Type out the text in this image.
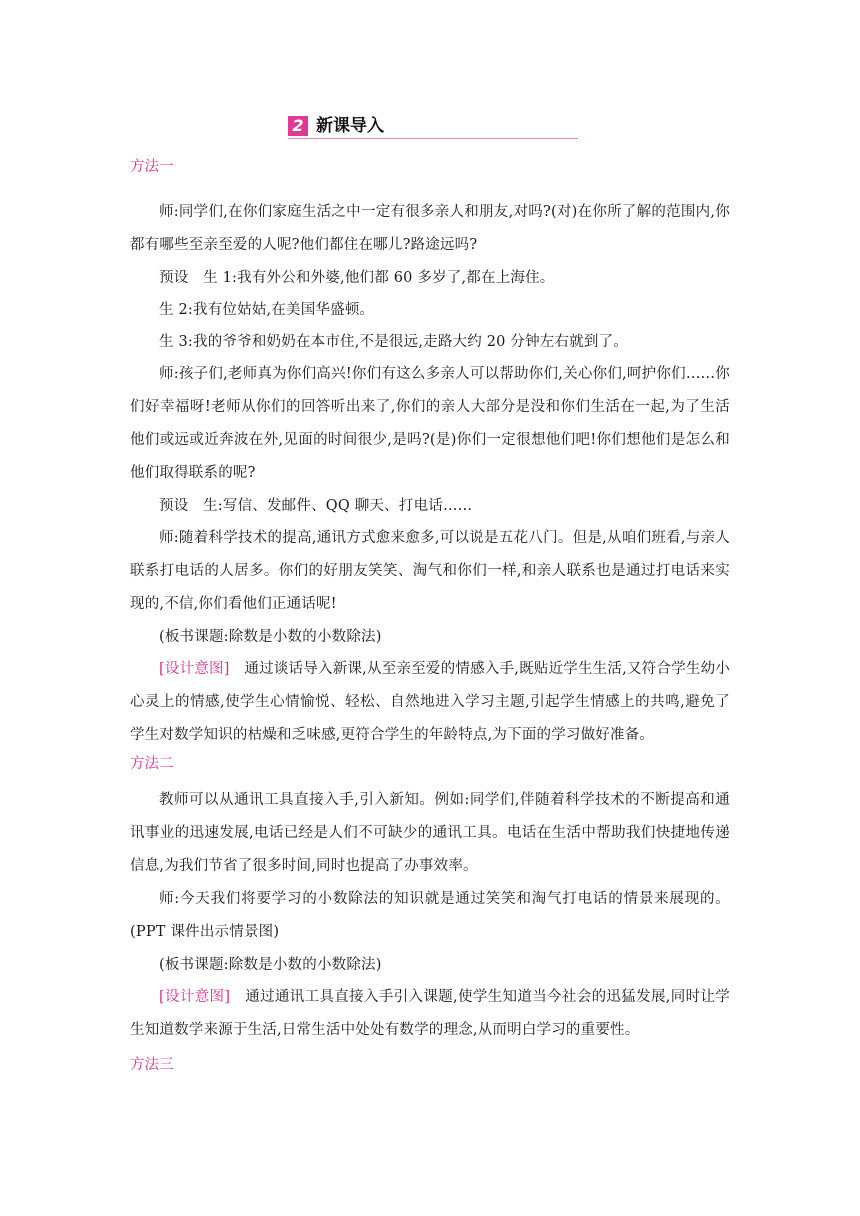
2 新课导入

方法一

师:同学们,在你们家庭生活之中一定有很多亲人和朋友,对吗?(对)在你所了解的范围内,你都有哪些至亲至爱的人呢?他们都住在哪儿?路途远吗?

预设　生 1:我有外公和外婆,他们都 60 多岁了,都在上海住。

生 2:我有位姑姑,在美国华盛顿。

生 3:我的爷爷和奶奶在本市住,不是很远,走路大约 20 分钟左右就到了。

师:孩子们,老师真为你们高兴!你们有这么多亲人可以帮助你们,关心你们,呵护你们……你们好幸福呀!老师从你们的回答听出来了,你们的亲人大部分是没和你们生活在一起,为了生活他们或远或近奔波在外,见面的时间很少,是吗?(是)你们一定很想他们吧!你们想他们是怎么和他们取得联系的呢?

预设　生:写信、发邮件、QQ 聊天、打电话……

师:随着科学技术的提高,通讯方式愈来愈多,可以说是五花八门。但是,从咱们班看,与亲人联系打电话的人居多。你们的好朋友笑笑、淘气和你们一样,和亲人联系也是通过打电话来实现的,不信,你们看他们正通话呢!

(板书课题:除数是小数的小数除法)

[设计意图]　通过谈话导入新课,从至亲至爱的情感入手,既贴近学生生活,又符合学生幼小心灵上的情感,使学生心情愉悦、轻松、自然地进入学习主题,引起学生情感上的共鸣,避免了学生对数学知识的枯燥和乏味感,更符合学生的年龄特点,为下面的学习做好准备。

方法二

教师可以从通讯工具直接入手,引入新知。例如:同学们,伴随着科学技术的不断提高和通讯事业的迅速发展,电话已经是人们不可缺少的通讯工具。电话在生活中帮助我们快捷地传递信息,为我们节省了很多时间,同时也提高了办事效率。

师:今天我们将要学习的小数除法的知识就是通过笑笑和淘气打电话的情景来展现的。(PPT 课件出示情景图)

(板书课题:除数是小数的小数除法)

[设计意图]　通过通讯工具直接入手引入课题,使学生知道当今社会的迅猛发展,同时让学生知道数学来源于生活,日常生活中处处有数学的理念,从而明白学习的重要性。

方法三
